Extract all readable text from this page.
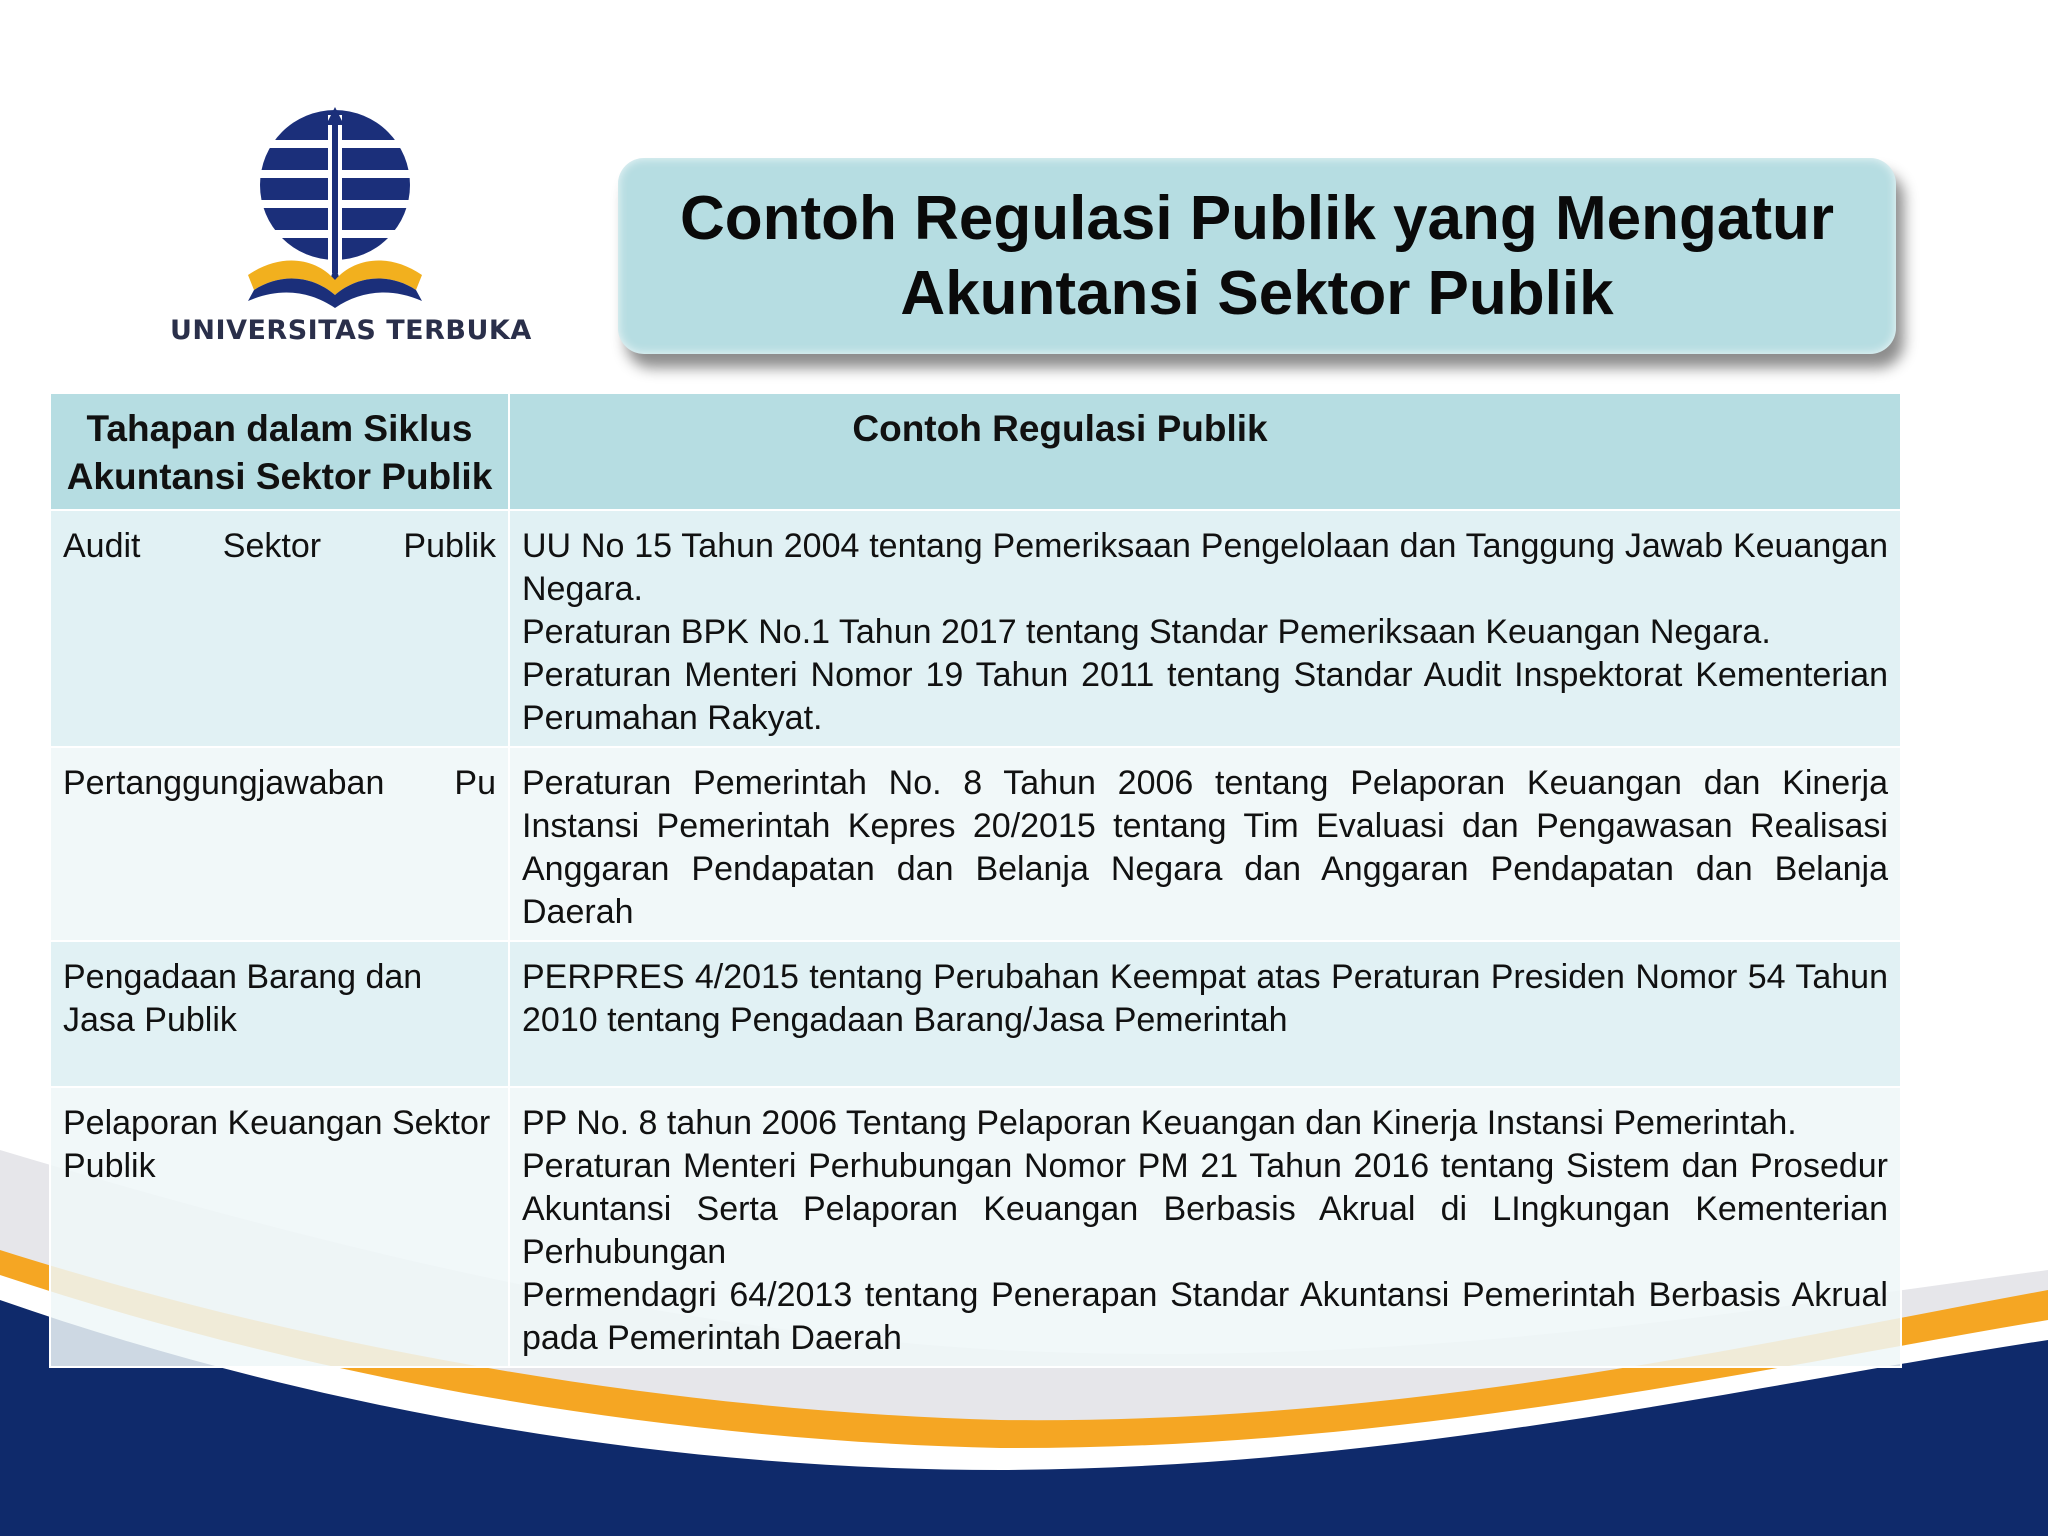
UNIVERSITAS TERBUKA
Contoh Regulasi Publik yang Mengatur Akuntansi Sektor Publik
Tahapan dalam Siklus Akuntansi Sektor Publik	Contoh Regulasi Publik
Audit Sektor Publik	UU No 15 Tahun 2004 tentang Pemeriksaan Pengelolaan dan Tanggung Jawab Keuangan Negara.

Peraturan BPK No.1 Tahun 2017 tentang Standar Pemeriksaan Keuangan Negara.

Peraturan Menteri Nomor 19 Tahun 2011 tentang Standar Audit Inspektorat Kementerian Perumahan Rakyat.

Pertanggungjawaban Pu	Peraturan Pemerintah No. 8 Tahun 2006 tentang Pelaporan Keuangan dan Kinerja Instansi Pemerintah Kepres 20/2015 tentang Tim Evaluasi dan Pengawasan Realisasi Anggaran Pendapatan dan Belanja Negara dan Anggaran Pendapatan dan Belanja Daerah

Pengadaan Barang dan Jasa Publik	PERPRES 4/2015 tentang Perubahan Keempat atas Peraturan Presiden Nomor 54 Tahun 2010 tentang Pengadaan Barang/Jasa Pemerintah

Pelaporan Keuangan Sektor Publik	PP No. 8 tahun 2006 Tentang Pelaporan Keuangan dan Kinerja Instansi Pemerintah.

Peraturan Menteri Perhubungan Nomor PM 21 Tahun 2016 tentang Sistem dan Prosedur Akuntansi Serta Pelaporan Keuangan Berbasis Akrual di LIngkungan Kementerian Perhubungan

Permendagri 64/2013 tentang Penerapan Standar Akuntansi Pemerintah Berbasis Akrual pada Pemerintah Daerah
